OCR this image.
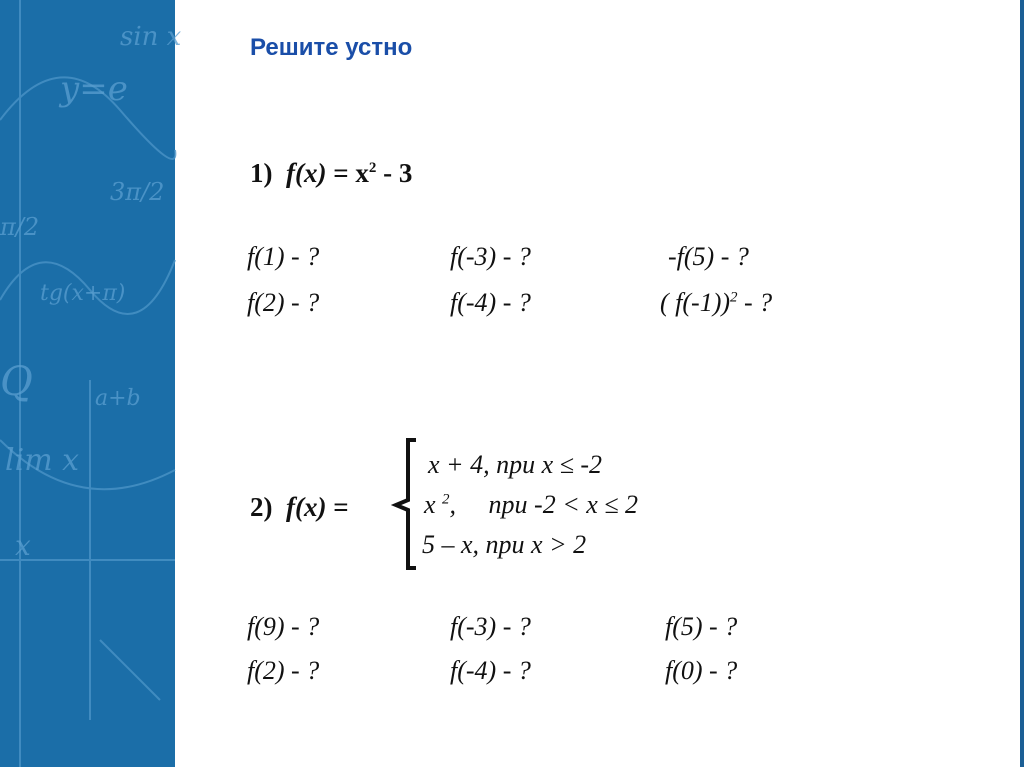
y=e
sin x
3π/2
π/2
lim x
tg(x+π)
a+b
x
Q
Решите устно
1) $f(x) = x^2 - 3$
f(1) - ?	f(-3) - ?	-f(5) - ?
f(2) - ?	f(-4) - ?	( f(-1))$^2$ - ?
2) f(x) =
x + 4, при x ≤ -2
x $^2$, при -2 < x ≤ 2
5 – x, при x > 2
f(9) - ?	f(-3) - ?	f(5) - ?
f(2) - ?	f(-4) - ?	f(0) - ?
